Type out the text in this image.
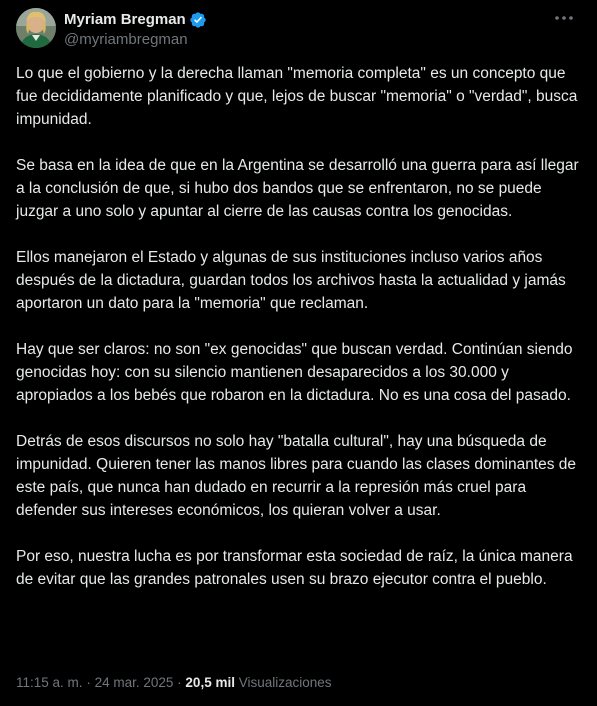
Myriam Bregman
@myriambregman

Lo que el gobierno y la derecha llaman "memoria completa" es un concepto que fue decididamente planificado y que, lejos de buscar "memoria" o "verdad", busca impunidad.

Se basa en la idea de que en la Argentina se desarrolló una guerra para así llegar a la conclusión de que, si hubo dos bandos que se enfrentaron, no se puede juzgar a uno solo y apuntar al cierre de las causas contra los genocidas.

Ellos manejaron el Estado y algunas de sus instituciones incluso varios años después de la dictadura, guardan todos los archivos hasta la actualidad y jamás aportaron un dato para la "memoria" que reclaman.

Hay que ser claros: no son "ex genocidas" que buscan verdad. Continúan siendo genocidas hoy: con su silencio mantienen desaparecidos a los 30.000 y apropiados a los bebés que robaron en la dictadura. No es una cosa del pasado.

Detrás de esos discursos no solo hay "batalla cultural", hay una búsqueda de impunidad. Quieren tener las manos libres para cuando las clases dominantes de este país, que nunca han dudado en recurrir a la represión más cruel para defender sus intereses económicos, los quieran volver a usar.

Por eso, nuestra lucha es por transformar esta sociedad de raíz, la única manera de evitar que las grandes patronales usen su brazo ejecutor contra el pueblo.

11:15 a. m. · 24 mar. 2025 · 20,5 mil Visualizaciones
